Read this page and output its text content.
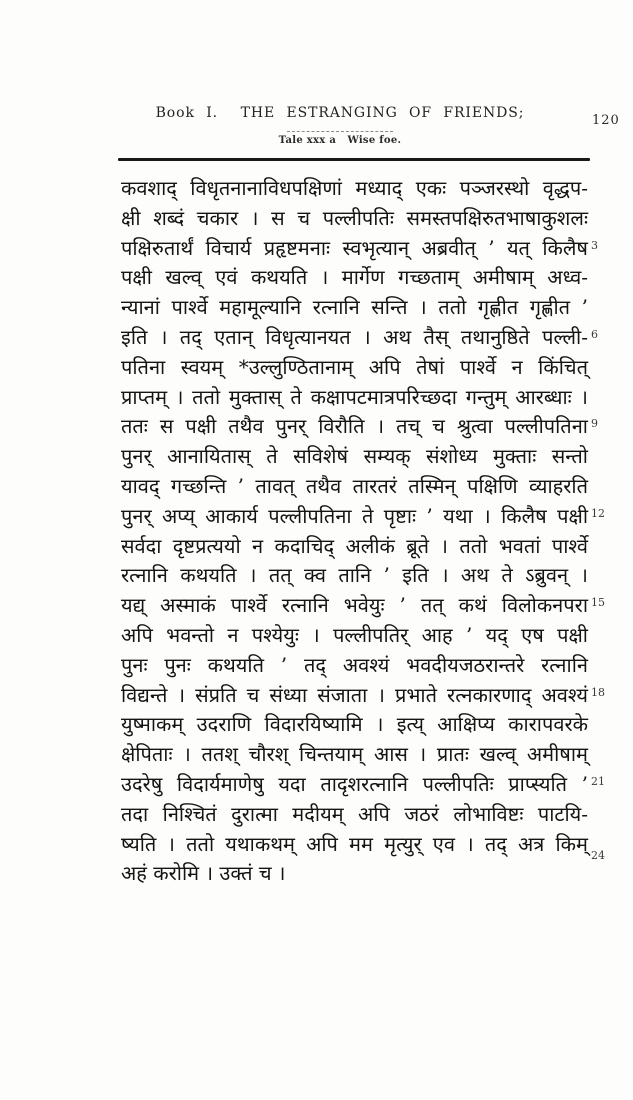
Book I.  THE ESTRANGING OF FRIENDS;	120
Tale xxx a   Wise foe.
कवशाद् विधृतनानाविधपक्षिणां मध्याद् एकः पञ्जरस्थो वृद्धप-
क्षी शब्दं चकार । स च पल्लीपतिः समस्तपक्षिरुतभाषाकुशलः
पक्षिरुतार्थं विचार्य प्रहृष्टमनाः स्वभृत्यान् अब्रवीत् ’ यत् किलैष 3
पक्षी खल्व् एवं कथयति । मार्गेण गच्छताम् अमीषाम् अध्व-
न्यानां पार्श्वे महामूल्यानि रत्नानि सन्ति । ततो गृह्णीत गृह्णीत ’
इति । तद् एतान् विधृत्यानयत । अथ तैस् तथानुष्ठिते पल्ली- 6
पतिना स्वयम् *उल्लुण्ठितानाम् अपि तेषां पार्श्वे न किंचित्
प्राप्तम् । ततो मुक्तास् ते कक्षापटमात्रपरिच्छदा गन्तुम् आरब्धाः ।
ततः स पक्षी तथैव पुनर् विरौति । तच् च श्रुत्वा पल्लीपतिना 9
पुनर् आनायितास् ते सविशेषं सम्यक् संशोध्य मुक्ताः सन्तो
यावद् गच्छन्ति ’ तावत् तथैव तारतरं तस्मिन् पक्षिणि व्याहरति
पुनर् अप्य् आकार्य पल्लीपतिना ते पृष्टाः ’ यथा । किलैष पक्षी 12
सर्वदा दृष्टप्रत्ययो न कदाचिद् अलीकं ब्रूते । ततो भवतां पार्श्वे
रत्नानि कथयति । तत् क्व तानि ’ इति । अथ ते ऽब्रुवन् ।
यद्य् अस्माकं पार्श्वे रत्नानि भवेयुः ’ तत् कथं विलोकनपरा 15
अपि भवन्तो न पश्येयुः । पल्लीपतिर् आह ’ यद् एष पक्षी
पुनः पुनः कथयति ’ तद् अवश्यं भवदीयजठरान्तरे रत्नानि
विद्यन्ते । संप्रति च संध्या संजाता । प्रभाते रत्नकारणाद् अवश्यं 18
युष्माकम् उदराणि विदारयिष्यामि । इत्य् आक्षिप्य कारापवरके
क्षेपिताः । ततश् चौरश् चिन्तयाम् आस । प्रातः खल्व् अमीषाम्
उदरेषु विदार्यमाणेषु यदा तादृशरत्नानि पल्लीपतिः प्राप्स्यति ’ 21
तदा निश्चितं दुरात्मा मदीयम् अपि जठरं लोभाविष्टः पाटयि-
ष्यति । ततो यथाकथम् अपि मम मृत्युर् एव । तद् अत्र किम्
अहं करोमि । उक्तं च ।
24
